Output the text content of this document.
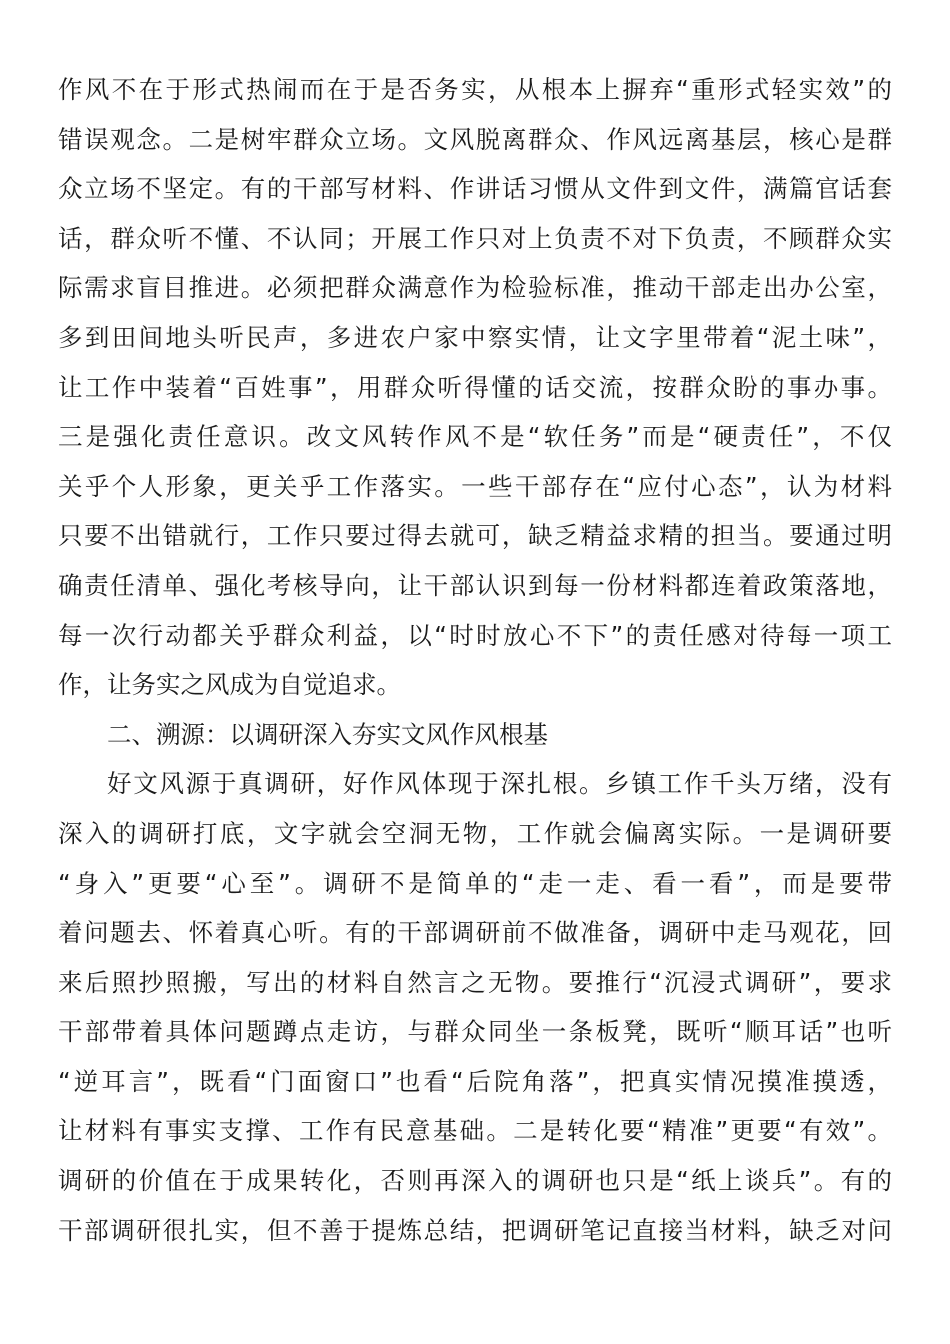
作风不在于形式热闹而在于是否务实，从根本上摒弃“重形式轻实效”的
错误观念。二是树牢群众立场。文风脱离群众、作风远离基层，核心是群
众立场不坚定。有的干部写材料、作讲话习惯从文件到文件，满篇官话套
话，群众听不懂、不认同；开展工作只对上负责不对下负责，不顾群众实
际需求盲目推进。必须把群众满意作为检验标准，推动干部走出办公室，
多到田间地头听民声，多进农户家中察实情，让文字里带着“泥土味”，
让工作中装着“百姓事”，用群众听得懂的话交流，按群众盼的事办事。
三是强化责任意识。改文风转作风不是“软任务”而是“硬责任”，不仅
关乎个人形象，更关乎工作落实。一些干部存在“应付心态”，认为材料
只要不出错就行，工作只要过得去就可，缺乏精益求精的担当。要通过明
确责任清单、强化考核导向，让干部认识到每一份材料都连着政策落地，
每一次行动都关乎群众利益，以“时时放心不下”的责任感对待每一项工
作，让务实之风成为自觉追求。
二、溯源：以调研深入夯实文风作风根基
好文风源于真调研，好作风体现于深扎根。乡镇工作千头万绪，没有
深入的调研打底，文字就会空洞无物，工作就会偏离实际。一是调研要
“身入”更要“心至”。调研不是简单的“走一走、看一看”，而是要带
着问题去、怀着真心听。有的干部调研前不做准备，调研中走马观花，回
来后照抄照搬，写出的材料自然言之无物。要推行“沉浸式调研”，要求
干部带着具体问题蹲点走访，与群众同坐一条板凳，既听“顺耳话”也听
“逆耳言”，既看“门面窗口”也看“后院角落”，把真实情况摸准摸透，
让材料有事实支撑、工作有民意基础。二是转化要“精准”更要“有效”。
调研的价值在于成果转化，否则再深入的调研也只是“纸上谈兵”。有的
干部调研很扎实，但不善于提炼总结，把调研笔记直接当材料，缺乏对问
